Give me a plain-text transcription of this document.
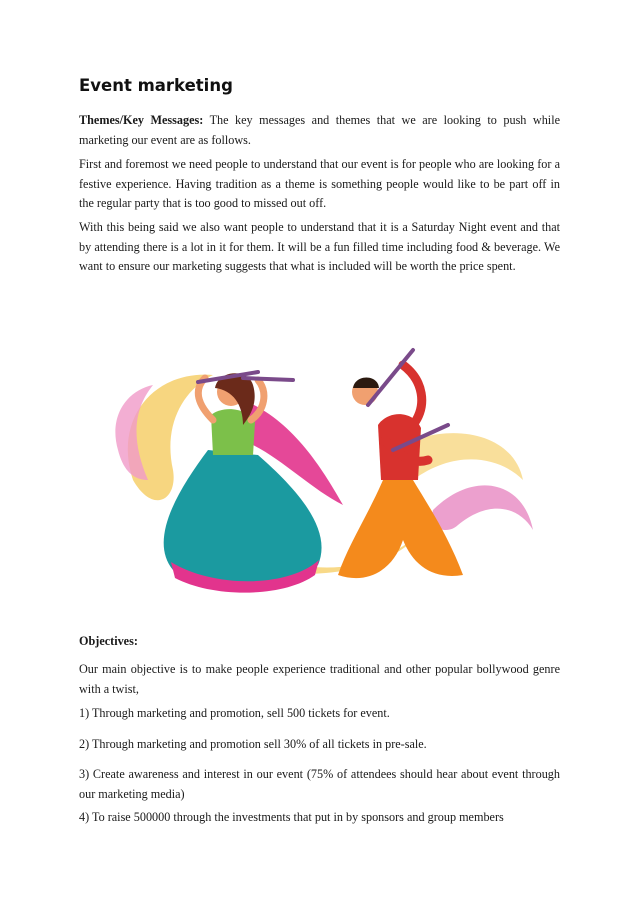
Event marketing
Themes/Key Messages: The key messages and themes that we are looking to push while marketing our event are as follows.
First and foremost we need people to understand that our event is for people who are looking for a festive experience. Having tradition as a theme is something people would like to be part off in the regular party that is too good to missed out off.
With this being said we also want people to understand that it is a Saturday Night event and that by attending there is a lot in it for them. It will be a fun filled time including food & beverage. We want to ensure our marketing suggests that what is included will be worth the price spent.
Objectives:
Our main objective is to make people experience traditional and other popular bollywood genre with a twist,
1) Through marketing and promotion, sell 500 tickets for event.
2) Through marketing and promotion sell 30% of all tickets in pre-sale.
3) Create awareness and interest in our event (75% of attendees should hear about event through our marketing media)
4) To raise 500000 through the investments that put in by sponsors and group members
